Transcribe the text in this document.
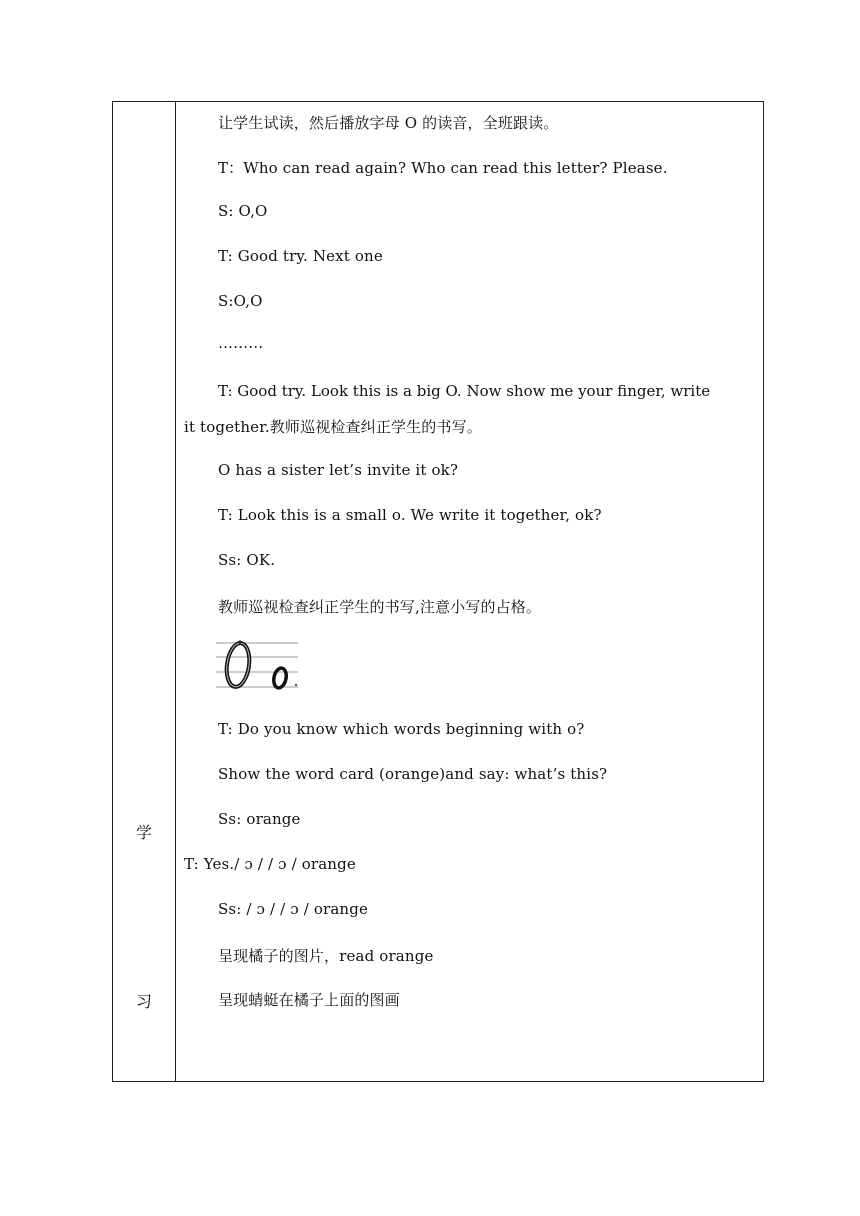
学
习
让学生试读，然后播放字母 O 的读音，全班跟读。
T：Who can read again? Who can read this letter? Please.
S: O,O
T: Good try. Next one
S:O,O
………
T: Good try. Look this is a big O. Now show me your finger, write
it together.教师巡视检查纠正学生的书写。
O has a sister let’s invite it ok?
T: Look this is a small o. We write it together, ok?
Ss: OK.
教师巡视检查纠正学生的书写,注意小写的占格。
T: Do you know which words beginning with o?
Show the word card (orange)and say: what’s this?
Ss: orange
T: Yes./ ɔ / / ɔ / orange
Ss: / ɔ / / ɔ / orange
呈现橘子的图片，read orange
呈现蜻蜓在橘子上面的图画
